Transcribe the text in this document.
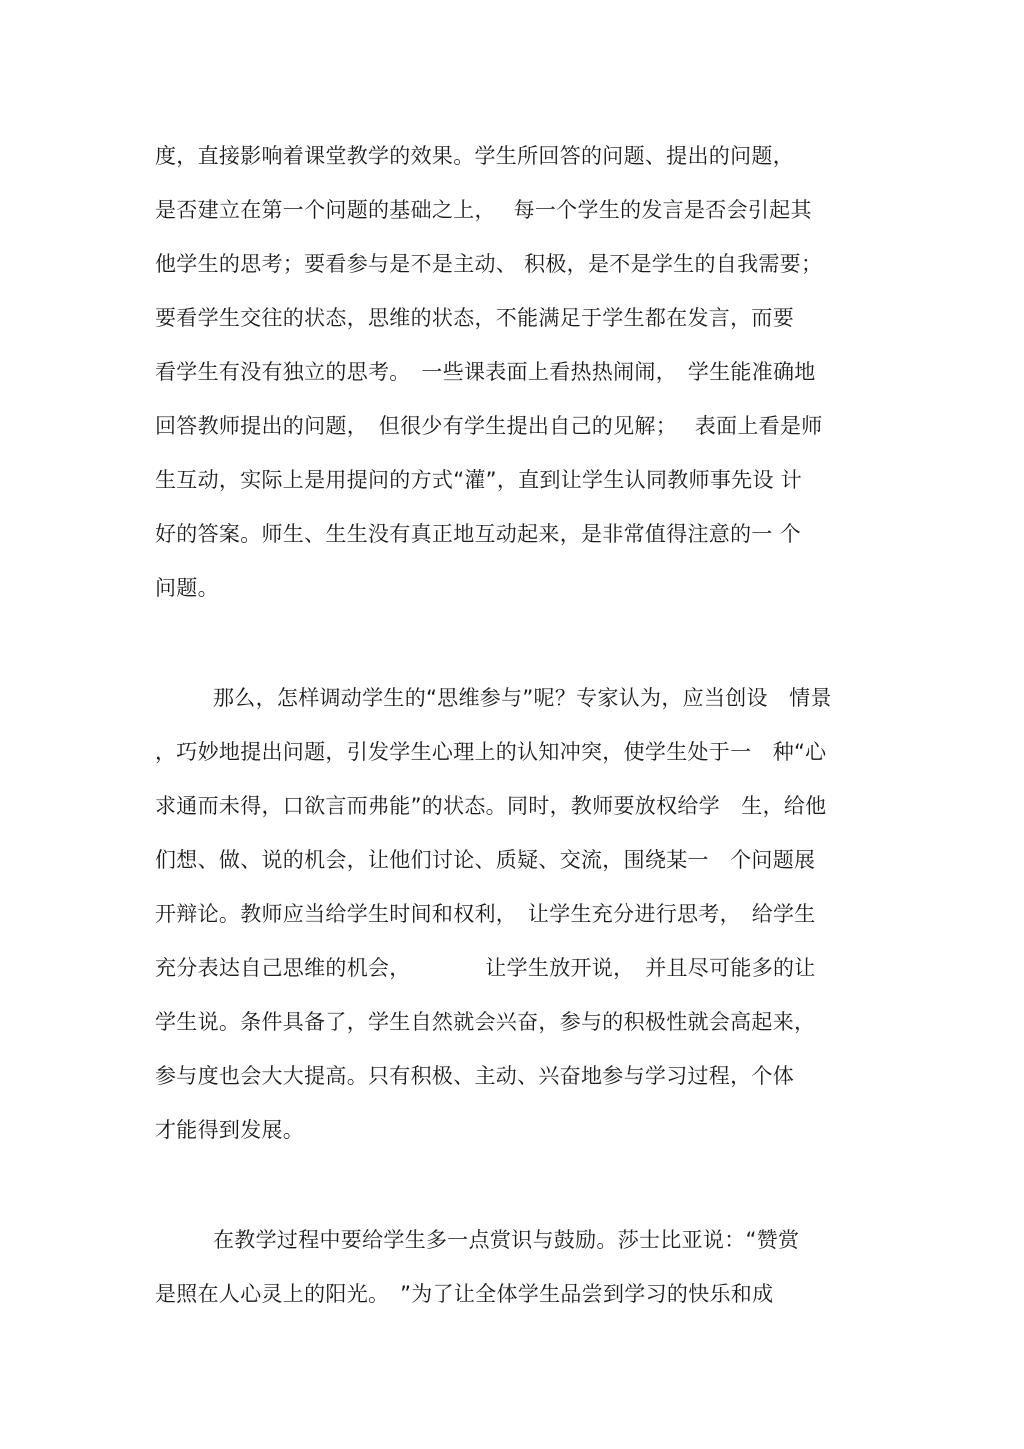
度，直接影响着课堂教学的效果。学生所回答的问题、提出的问题，
是否建立在第一个问题的基础之上，　 每一个学生的发言是否会引起其
他学生的思考；要看参与是不是主动、 积极，是不是学生的自我需要；
要看学生交往的状态，思维的状态，不能满足于学生都在发言，而要
看学生有没有独立的思考。　一些课表面上看热热闹闹，　学生能准确地
回答教师提出的问题，　但很少有学生提出自己的见解；　 表面上看是师
生互动，实际上是用提问的方式“灌”，直到让学生认同教师事先设 计
好的答案。师生、生生没有真正地互动起来，是非常值得注意的一 个
问题。
那么，怎样调动学生的“思维参与”呢？专家认为，应当创设　情景
，巧妙地提出问题，引发学生心理上的认知冲突，使学生处于一　种“心
求通而未得，口欲言而弗能”的状态。同时，教师要放权给学　生，给他
们想、做、说的机会，让他们讨论、质疑、交流，围绕某一　个问题展
开辩论。教师应当给学生时间和权利，　让学生充分进行思考，　给学生
充分表达自己思维的机会，　　　　让学生放开说，　并且尽可能多的让
学生说。条件具备了，学生自然就会兴奋，参与的积极性就会高起来，
参与度也会大大提高。只有积极、主动、兴奋地参与学习过程，个体
才能得到发展。
在教学过程中要给学生多一点赏识与鼓励。莎士比亚说：“赞赏
是照在人心灵上的阳光。　”为了让全体学生品尝到学习的快乐和成
